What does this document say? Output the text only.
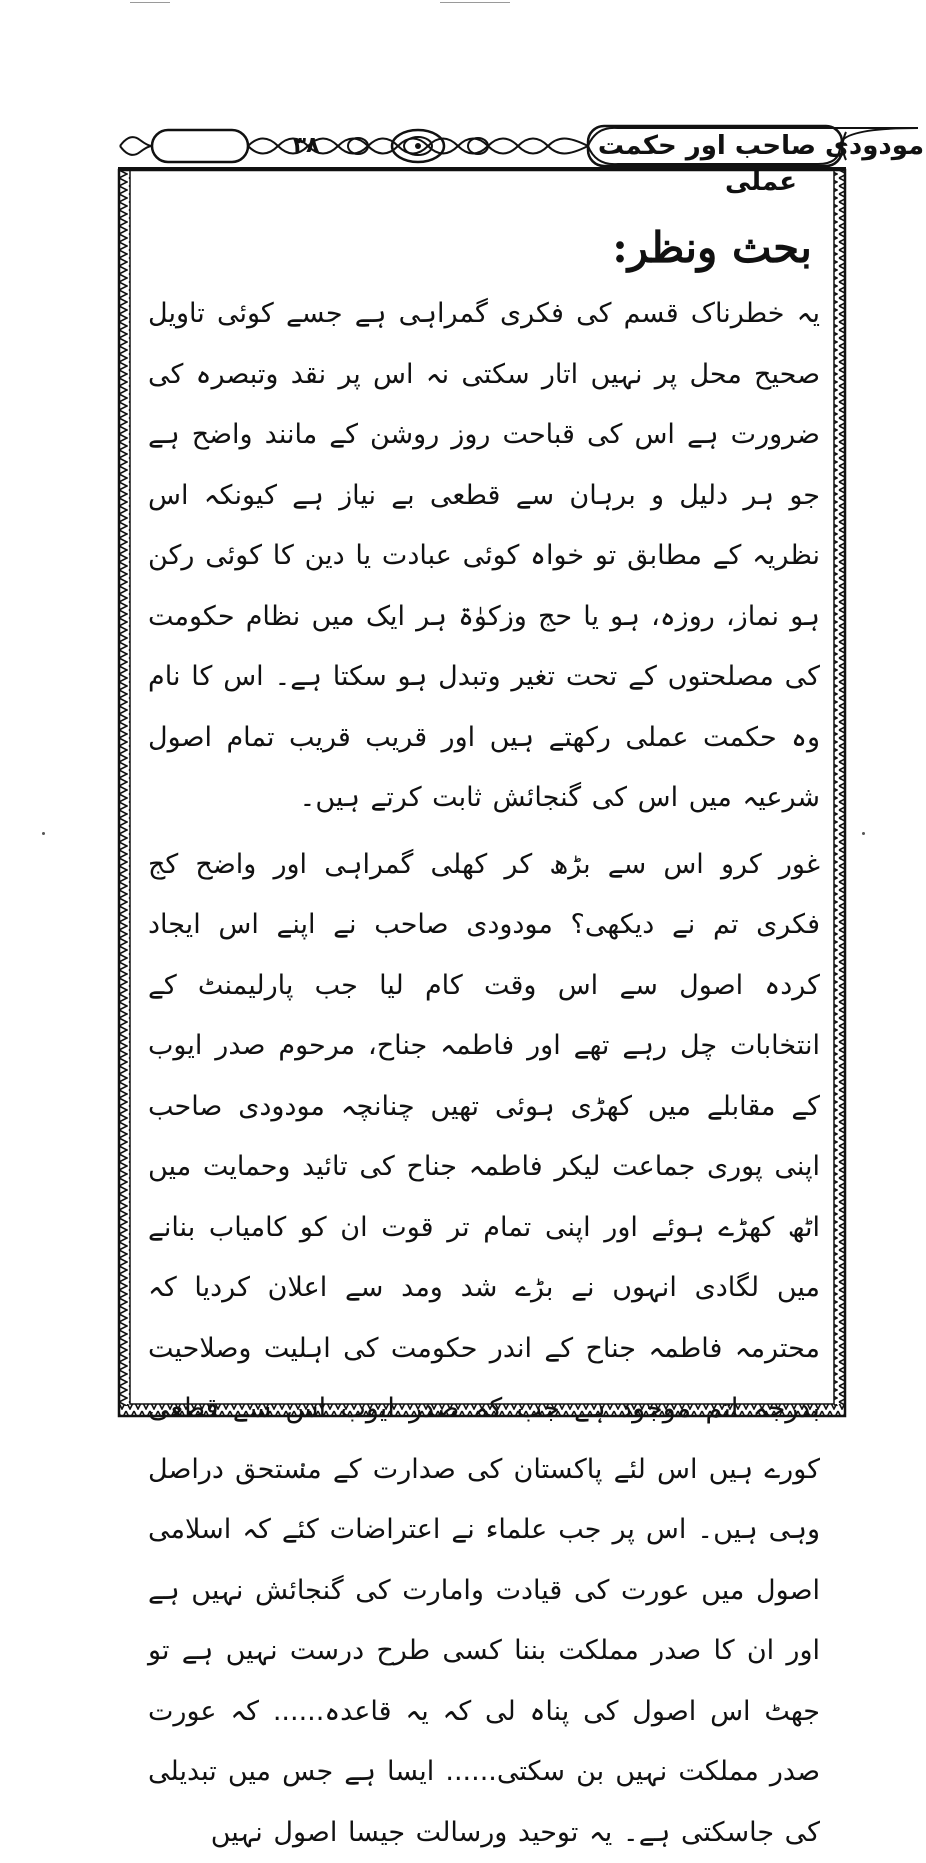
۳۸	مودودی صاحب اور حکمت عملی
بحث ونظر:

یہ خطرناک قسم کی فکری گمراہی ہے جسے کوئی تاویل صحیح محل پر نہیں اتار سکتی نہ اس پر نقد وتبصرہ کی ضرورت ہے اس کی قباحت روز روشن کے مانند واضح ہے جو ہر دلیل و برہان سے قطعی بے نیاز ہے کیونکہ اس نظریہ کے مطابق تو خواہ کوئی عبادت یا دین کا کوئی رکن ہو نماز، روزہ، ہو یا حج وزکوٰۃ ہر ایک میں نظام حکومت کی مصلحتوں کے تحت تغیر وتبدل ہو سکتا ہے۔ اس کا نام وہ حکمت عملی رکھتے ہیں اور قریب قریب تمام اصول شرعیہ میں اس کی گنجائش ثابت کرتے ہیں۔

غور کرو اس سے بڑھ کر کھلی گمراہی اور واضح کج فکری تم نے دیکھی؟ مودودی صاحب نے اپنے اس ایجاد کردہ اصول سے اس وقت کام لیا جب پارلیمنٹ کے انتخابات چل رہے تھے اور فاطمہ جناح، مرحوم صدر ایوب کے مقابلے میں کھڑی ہوئی تھیں چنانچہ مودودی صاحب اپنی پوری جماعت لیکر فاطمہ جناح کی تائید وحمایت میں اٹھ کھڑے ہوئے اور اپنی تمام تر قوت ان کو کامیاب بنانے میں لگادی انہوں نے بڑے شد ومد سے اعلان کردیا کہ محترمہ فاطمہ جناح کے اندر حکومت کی اہلیت وصلاحیت بدرجہ اتم موجود ہے جب کہ صدر ایوب اس سے قطعی کورے ہیں اس لئے پاکستان کی صدارت کے مستحق دراصل وہی ہیں۔ اس پر جب علماء نے اعتراضات کئے کہ اسلامی اصول میں عورت کی قیادت وامارت کی گنجائش نہیں ہے اور ان کا صدر مملکت بننا کسی طرح درست نہیں ہے تو جھٹ اس اصول کی پناہ لی کہ یہ قاعدہ...... کہ عورت صدر مملکت نہیں بن سکتی...... ایسا ہے جس میں تبدیلی کی جاسکتی ہے۔ یہ توحید ورسالت جیسا اصول نہیں
